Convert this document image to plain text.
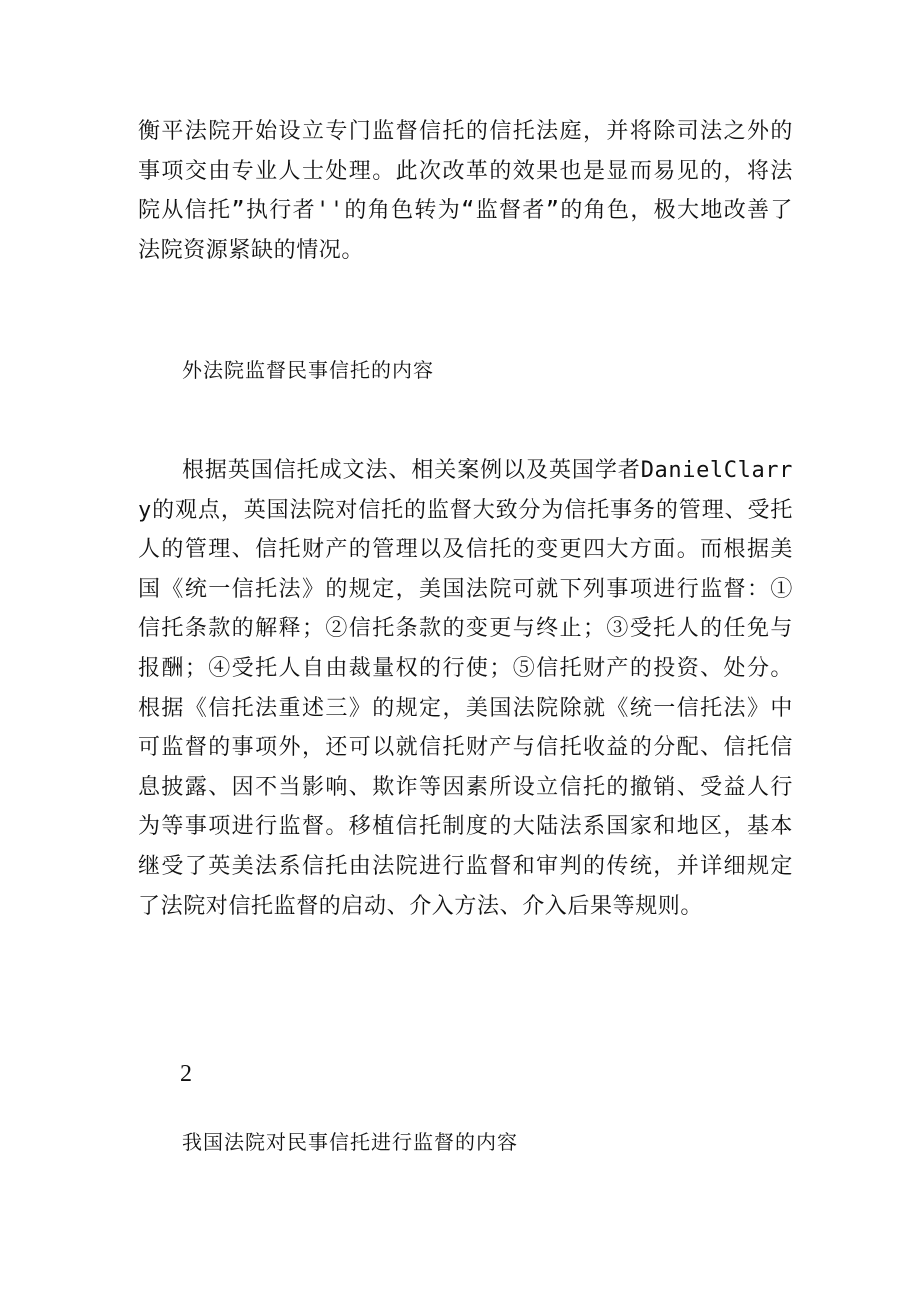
衡平法院开始设立专门监督信托的信托法庭，并将除司法之外的事项交由专业人士处理。此次改革的效果也是显而易见的，将法院从信托”执行者''的角色转为“监督者”的角色，极大地改善了法院资源紧缺的情况。

外法院监督民事信托的内容

根据英国信托成文法、相关案例以及英国学者DanielClarry的观点，英国法院对信托的监督大致分为信托事务的管理、受托人的管理、信托财产的管理以及信托的变更四大方面。而根据美国《统一信托法》的规定，美国法院可就下列事项进行监督：①信托条款的解释；②信托条款的变更与终止；③受托人的任免与报酬；④受托人自由裁量权的行使；⑤信托财产的投资、处分。根据《信托法重述三》的规定，美国法院除就《统一信托法》中可监督的事项外，还可以就信托财产与信托收益的分配、信托信息披露、因不当影响、欺诈等因素所设立信托的撤销、受益人行为等事项进行监督。移植信托制度的大陆法系国家和地区，基本继受了英美法系信托由法院进行监督和审判的传统，并详细规定了法院对信托监督的启动、介入方法、介入后果等规则。

2

我国法院对民事信托进行监督的内容
